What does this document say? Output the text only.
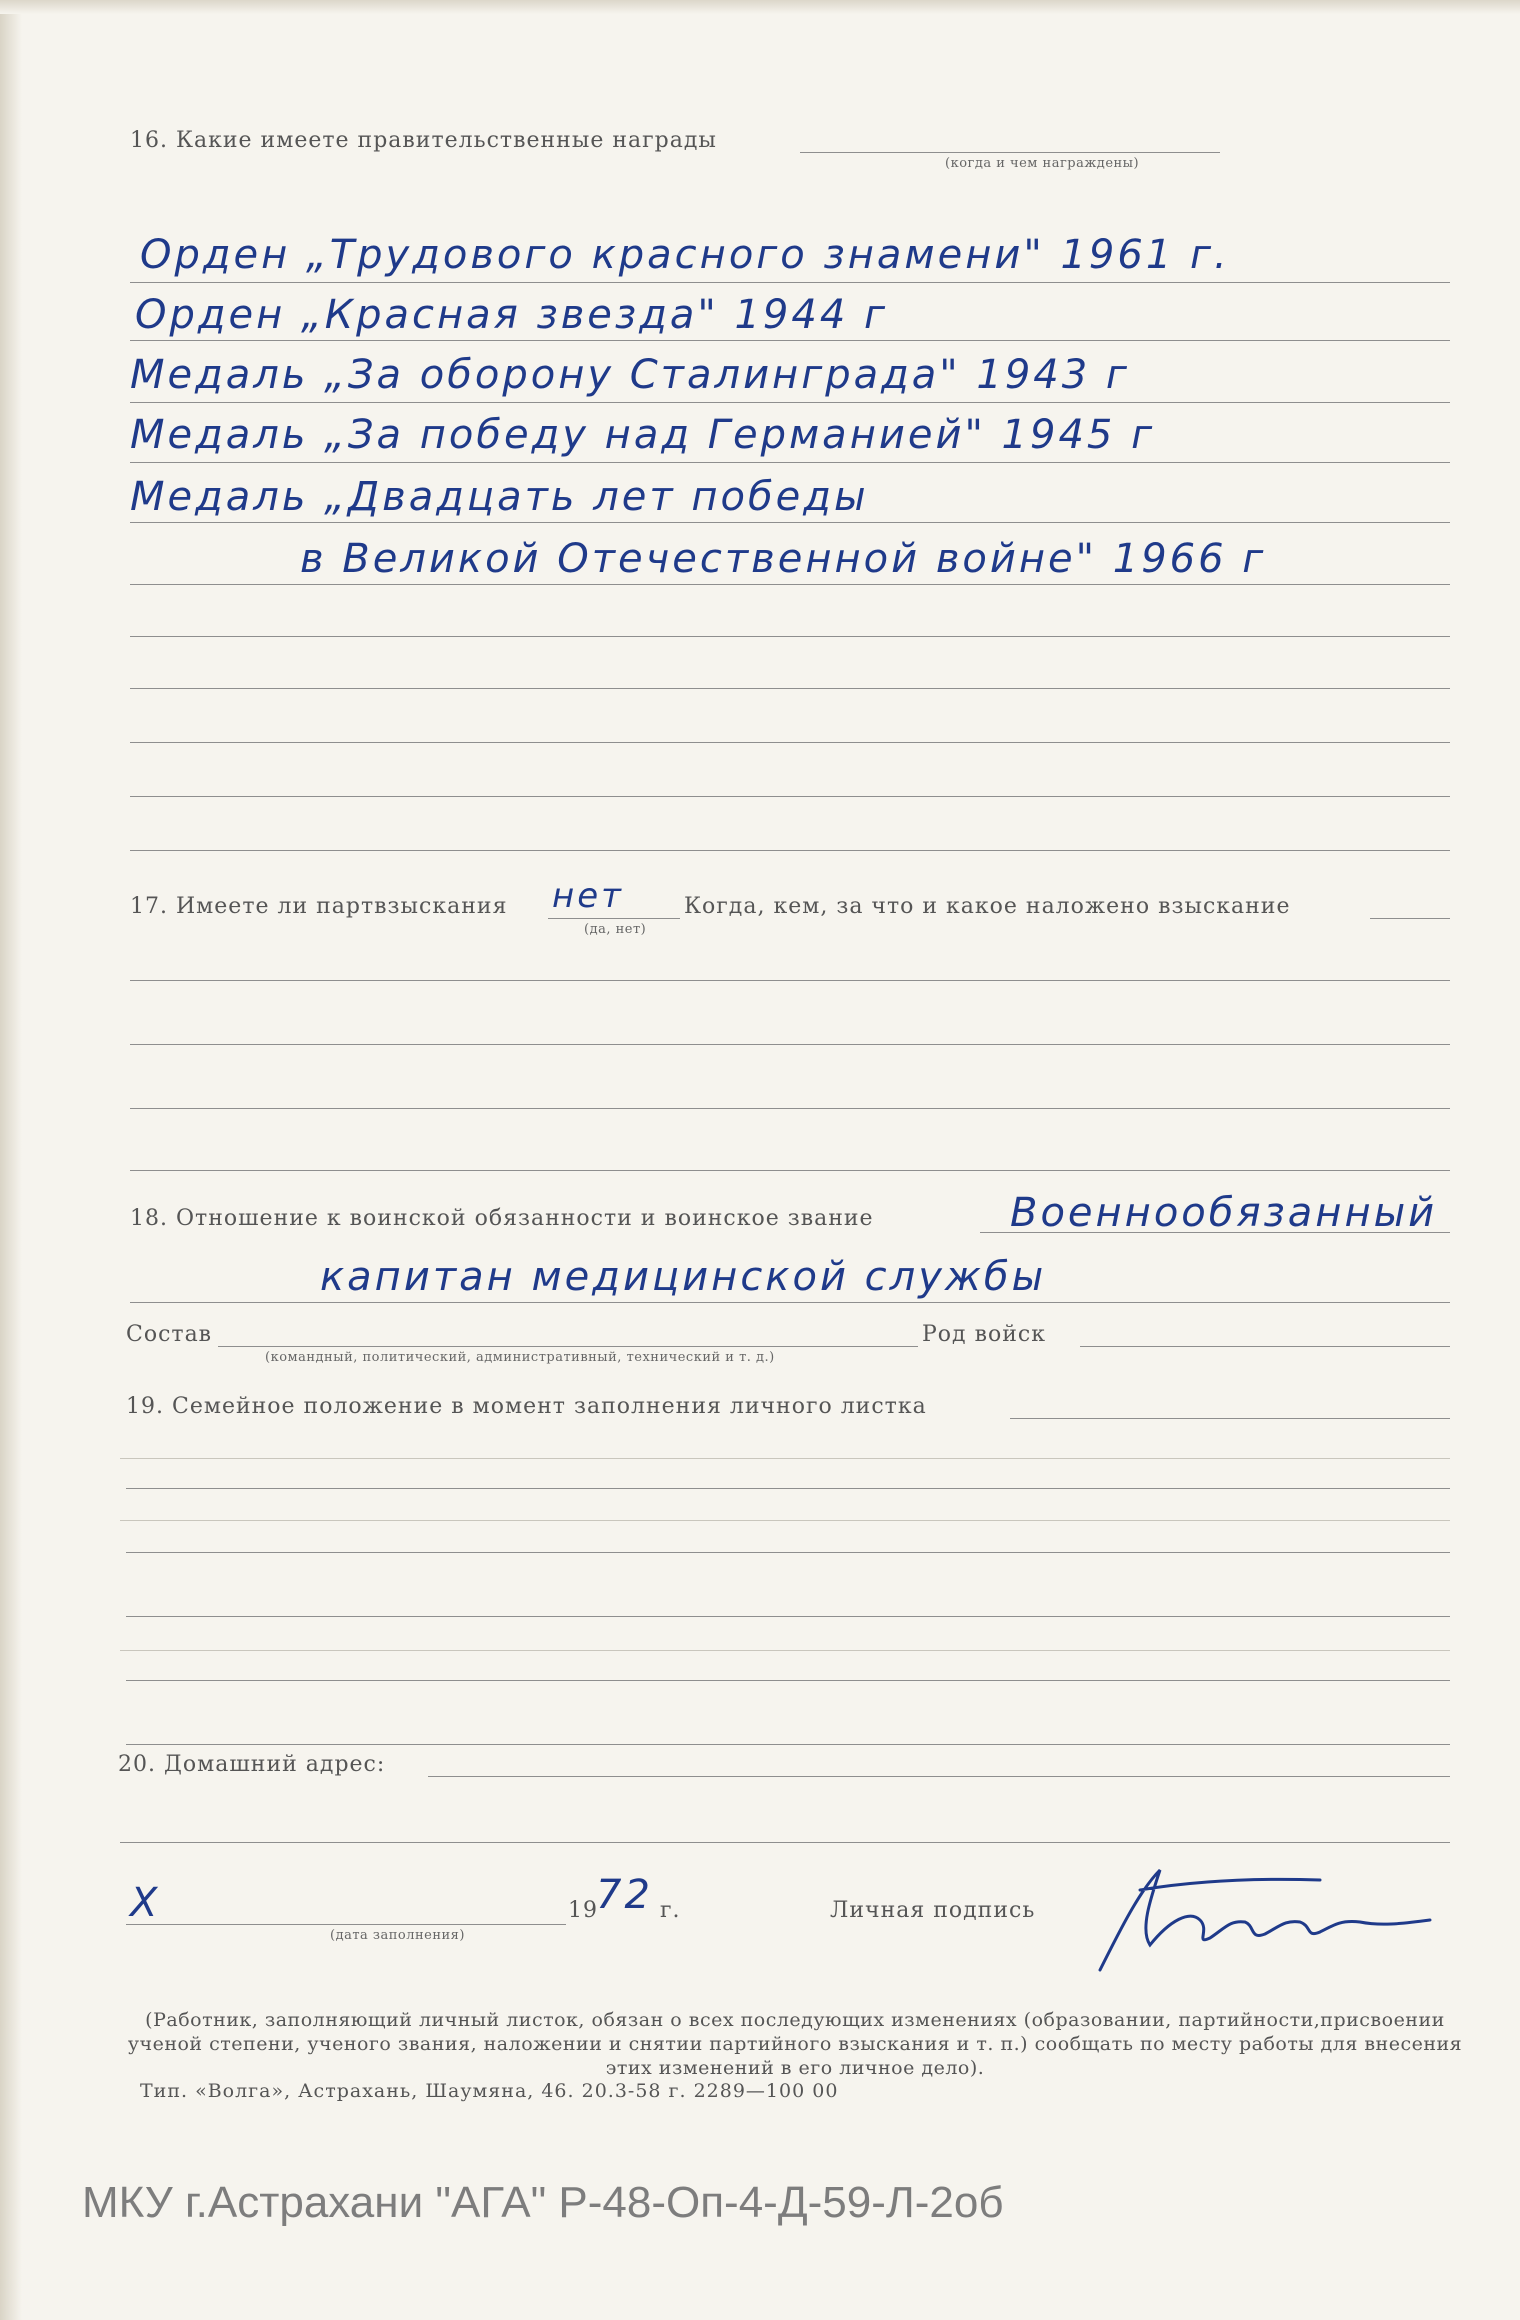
16. Какие имеете правительственные награды
(когда и чем награждены)
Орден „Трудового красного знамени" 1961 г.
Орден „Красная звезда" 1944 г
Медаль „За оборону Сталинграда" 1943 г
Медаль „За победу над Германией" 1945 г
Медаль „Двадцать лет победы
в Великой Отечественной войне" 1966 г
17. Имеете ли партвзыскания нет
(да, нет)
Когда, кем, за что и какое наложено взыскание
18. Отношение к воинской обязанности и воинское звание	Военнообязанный
капитан медицинской службы
Состав
(командный, политический, административный, технический и т. д.)
Род войск
19. Семейное положение в момент заполнения личного листка
20. Домашний адрес:
X
(дата заполнения)
19
72 г.	Личная подпись
(Работник, заполняющий личный листок, обязан о всех последующих изменениях (образовании, партийности,присвоении ученой степени, ученого звания, наложении и снятии партийного взыскания и т. п.) сообщать по месту работы для внесения этих изменений в его личное дело).
Тип. «Волга», Астрахань, Шаумяна, 46. 20.3-58 г. 2289—100 00
МКУ г.Астрахани "АГА" Р-48-Оп-4-Д-59-Л-2об
